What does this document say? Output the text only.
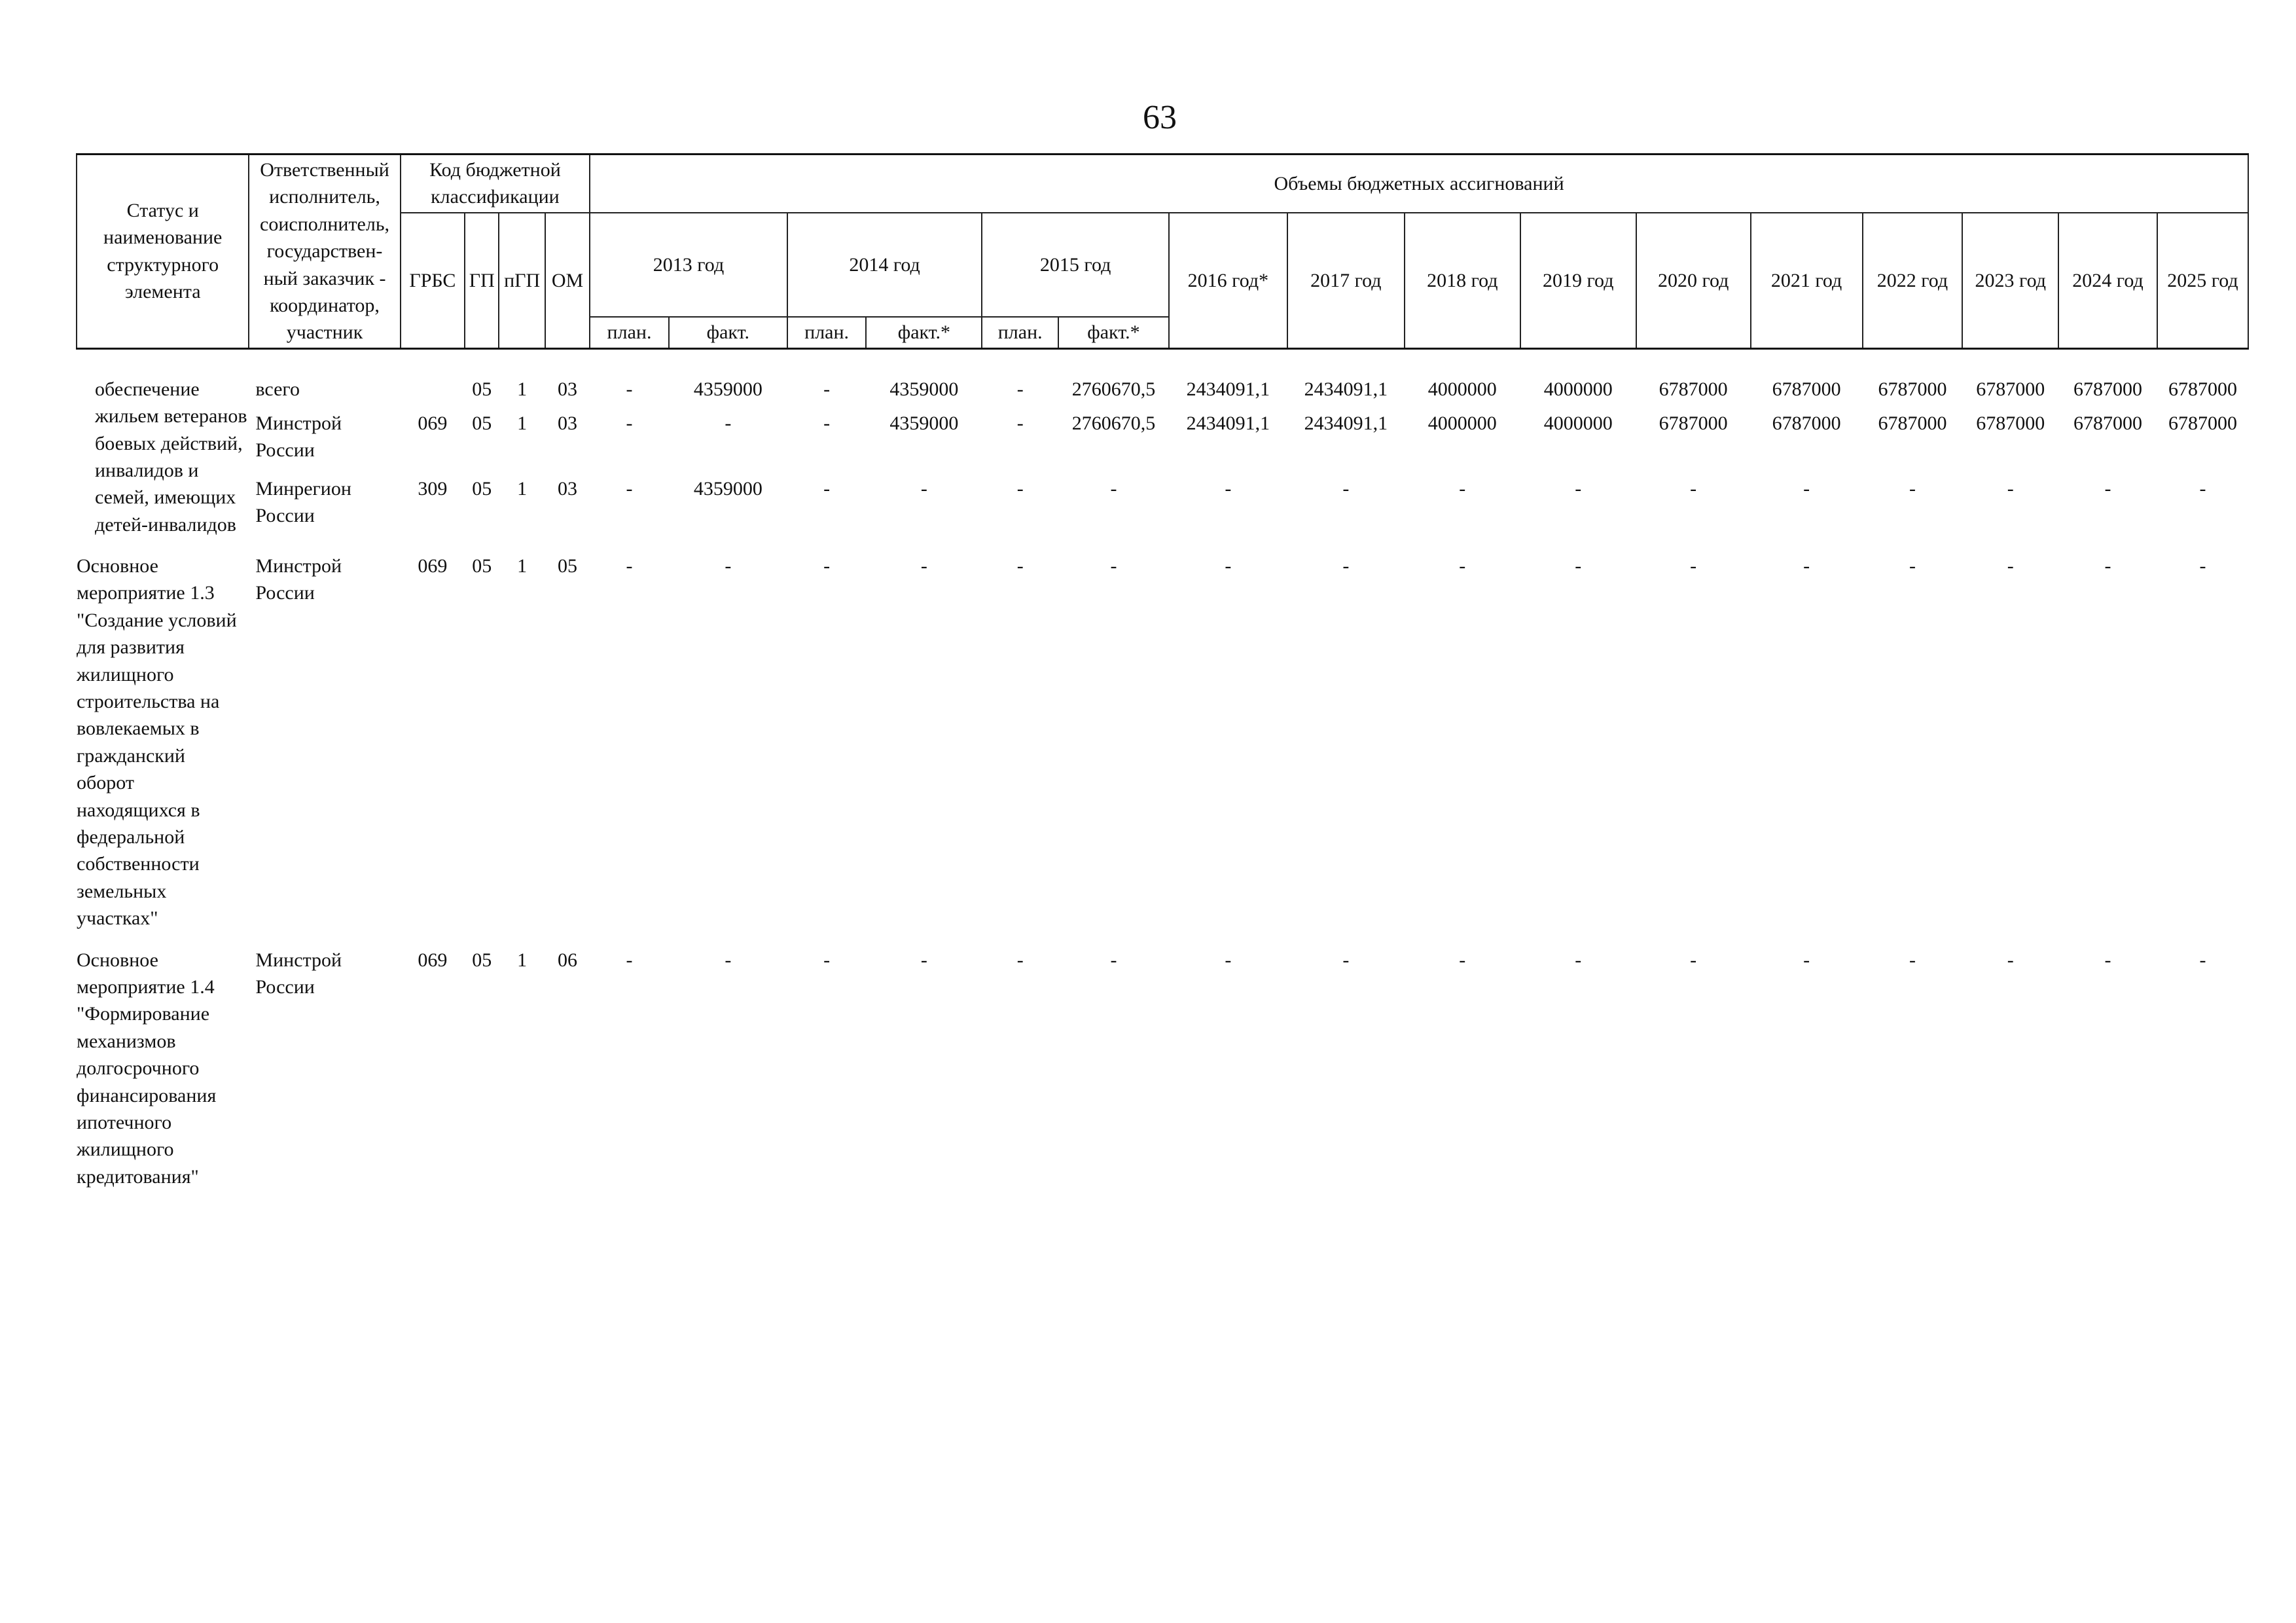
63
Статус и наименование структурного элемента	Ответственный исполнитель, соисполнитель, государствен-ный заказчик - координатор, участник	Код бюджетной классификации				Объемы бюджетных ассигнований															
		ГРБС	ГП	пГП	ОМ	2013 год		2014 год		2015 год		2016 год*	2017 год	2018 год	2019 год	2020 год	2021 год	2022 год	2023 год	2024 год	2025 год
						план.	факт.	план.	факт.*	план.	факт.*										

обеспечение жильем ветеранов боевых действий, инвалидов и семей, имеющих детей-инвалидов	всего		05	1	03	-	4359000	-	4359000	-	2760670,5	2434091,1	2434091,1	4000000	4000000	6787000	6787000	6787000	6787000	6787000	6787000
	Минстрой России	069	05	1	03	-	-	-	4359000	-	2760670,5	2434091,1	2434091,1	4000000	4000000	6787000	6787000	6787000	6787000	6787000	6787000
	Минрегион России	309	05	1	03	-	4359000	-	-	-	-	-	-	-	-	-	-	-	-	-	-

Основное мероприятие 1.3 "Создание условий для развития жилищного строительства на вовлекаемых в гражданский оборот находящихся в федеральной собственности земельных участках"	Минстрой России	069	05	1	05	-	-	-	-	-	-	-	-	-	-	-	-	-	-	-	-

Основное мероприятие 1.4 "Формирование механизмов долгосрочного финансирования ипотечного жилищного кредитования"	Минстрой России	069	05	1	06	-	-	-	-	-	-	-	-	-	-	-	-	-	-	-	-
